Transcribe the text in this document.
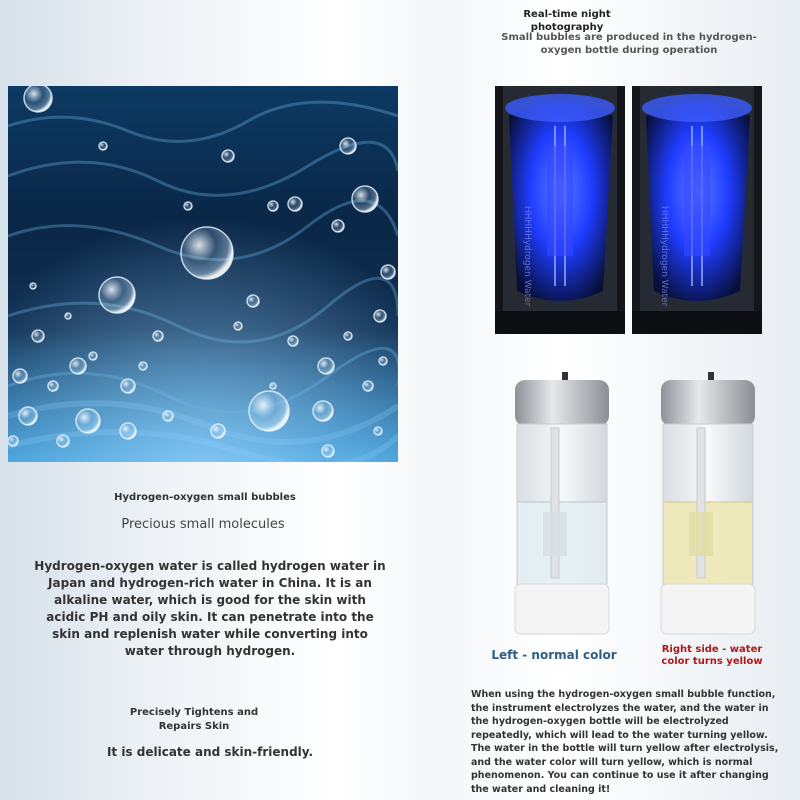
Hydrogen-oxygen small bubbles
Precious small molecules
Hydrogen-oxygen water is called hydrogen water in Japan and hydrogen-rich water in China. It is an alkaline water, which is good for the skin with acidic PH and oily skin. It can penetrate into the skin and replenish water while converting into water through hydrogen.
Precisely Tightens and Repairs Skin
It is delicate and skin-friendly.
Real-time night photography
Small bubbles are produced in the hydrogen-oxygen bottle during operation
HHHHHydrogen Water	HHHHHydrogen Water
Left - normal color	Right side - water color turns yellow
When using the hydrogen-oxygen small bubble function, the instrument electrolyzes the water, and the water in the hydrogen-oxygen bottle will be electrolyzed repeatedly, which will lead to the water turning yellow. The water in the bottle will turn yellow after electrolysis, and the water color will turn yellow, which is normal phenomenon. You can continue to use it after changing the water and cleaning it!
